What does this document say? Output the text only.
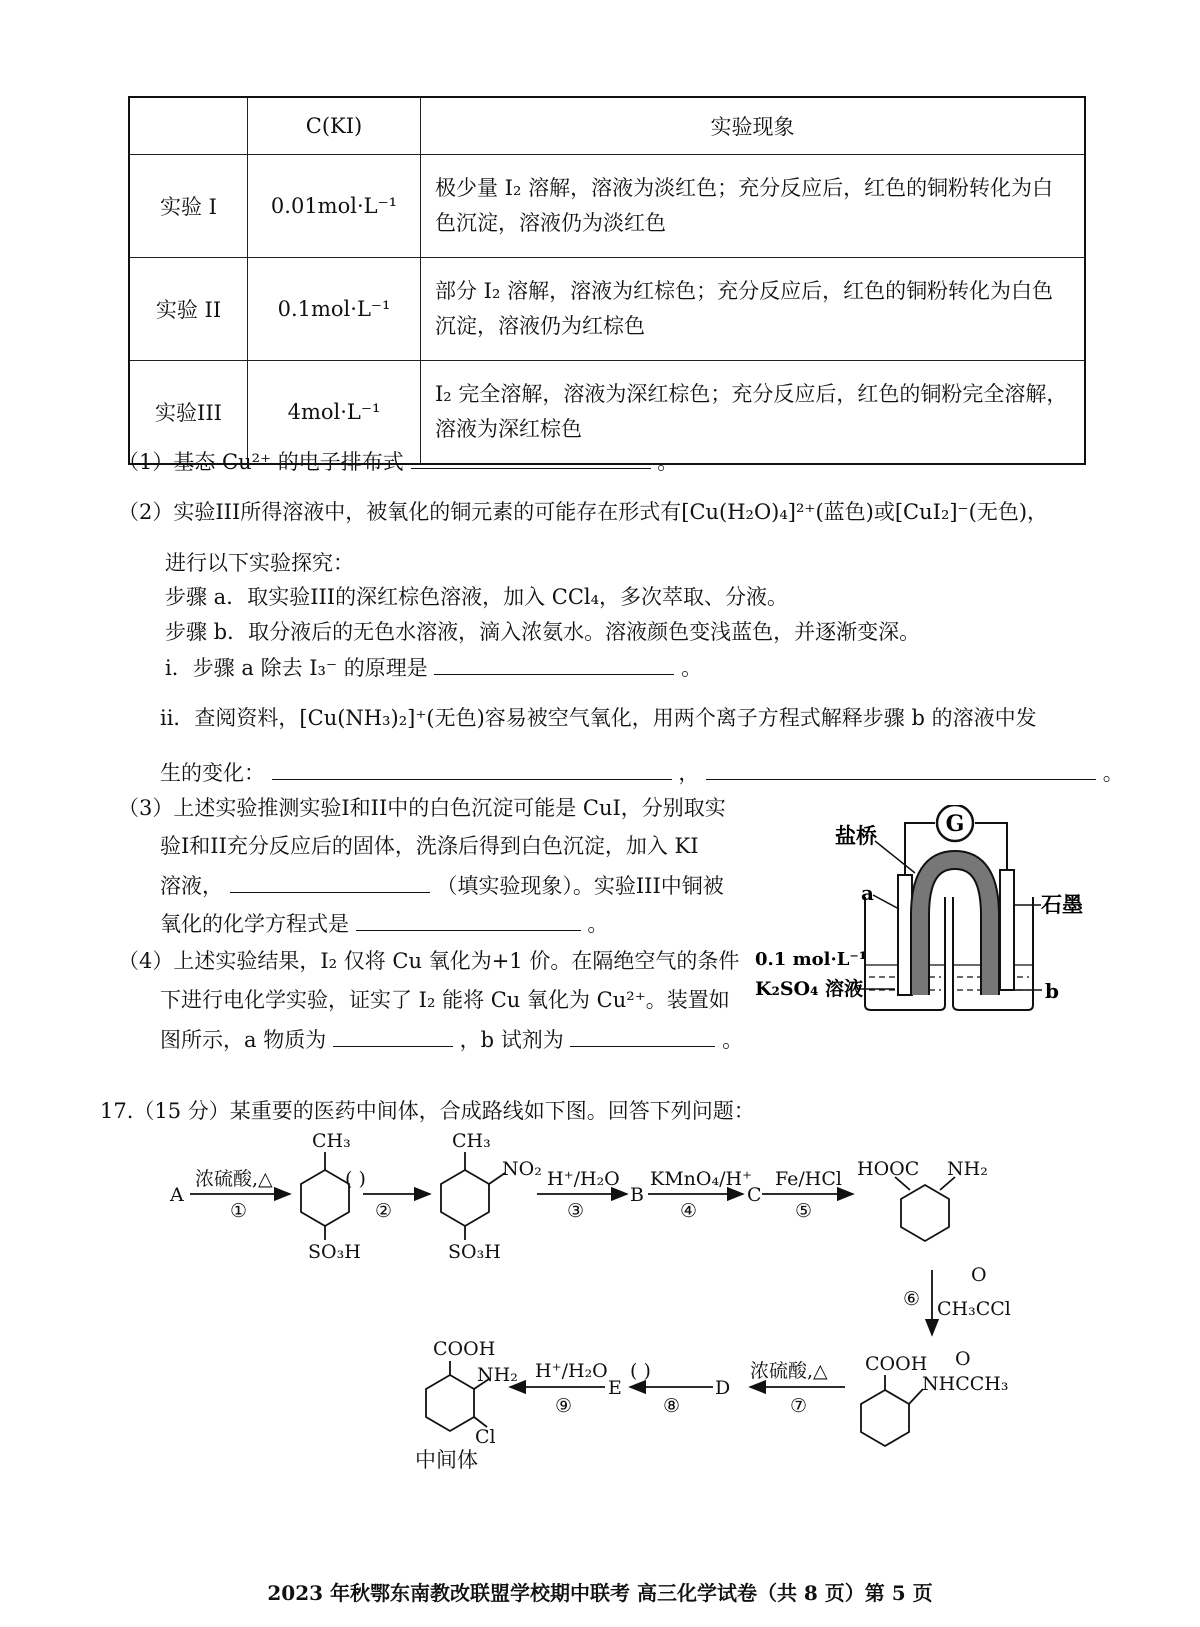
	C(KI)	实验现象
实验 I	0.01mol·L⁻¹	极少量 I₂ 溶解，溶液为淡红色；充分反应后，红色的铜粉转化为白色沉淀，溶液仍为淡红色
实验 II	0.1mol·L⁻¹	部分 I₂ 溶解，溶液为红棕色；充分反应后，红色的铜粉转化为白色沉淀，溶液仍为红棕色
实验III	4mol·L⁻¹	I₂ 完全溶解，溶液为深红棕色；充分反应后，红色的铜粉完全溶解，溶液为深红棕色
（1）基态 Cu²⁺ 的电子排布式	。
（2）实验III所得溶液中，被氧化的铜元素的可能存在形式有[Cu(H₂O)₄]²⁺(蓝色)或[CuI₂]⁻(无色)，
进行以下实验探究：
步骤 a．取实验III的深红棕色溶液，加入 CCl₄，多次萃取、分液。
步骤 b．取分液后的无色水溶液，滴入浓氨水。溶液颜色变浅蓝色，并逐渐变深。
i．步骤 a 除去 I₃⁻ 的原理是	。
ii．查阅资料，[Cu(NH₃)₂]⁺(无色)容易被空气氧化，用两个离子方程式解释步骤 b 的溶液中发
生的变化：	，	。
（3）上述实验推测实验I和II中的白色沉淀可能是 CuI，分别取实
验I和II充分反应后的固体，洗涤后得到白色沉淀，加入 KI
溶液，	（填实验现象）。实验III中铜被
氧化的化学方程式是	。
（4）上述实验结果，I₂ 仅将 Cu 氧化为+1 价。在隔绝空气的条件
下进行电化学实验，证实了 I₂ 能将 Cu 氧化为 Cu²⁺。装置如
图所示，a 物质为	，b 试剂为	。
G
盐桥
a	石墨
0.1 mol·L⁻¹
K₂SO₄ 溶液	b
17.（15 分）某重要的医药中间体，合成路线如下图。回答下列问题：
A
浓硫酸,△
①
CH₃
SO₃H
( )
②
CH₃
NO₂
SO₃H
H⁺/H₂O
③
B
KMnO₄/H⁺
④
C
Fe/HCl
⑤
HOOC NH₂
⑥
O
CH₃CCl
COOH O
NHCCH₃
浓硫酸,△
⑦
D
( )
⑧
E
H⁺/H₂O
⑨
COOH
NH₂
Cl
中间体
2023 年秋鄂东南教改联盟学校期中联考 高三化学试卷（共 8 页）第 5 页
